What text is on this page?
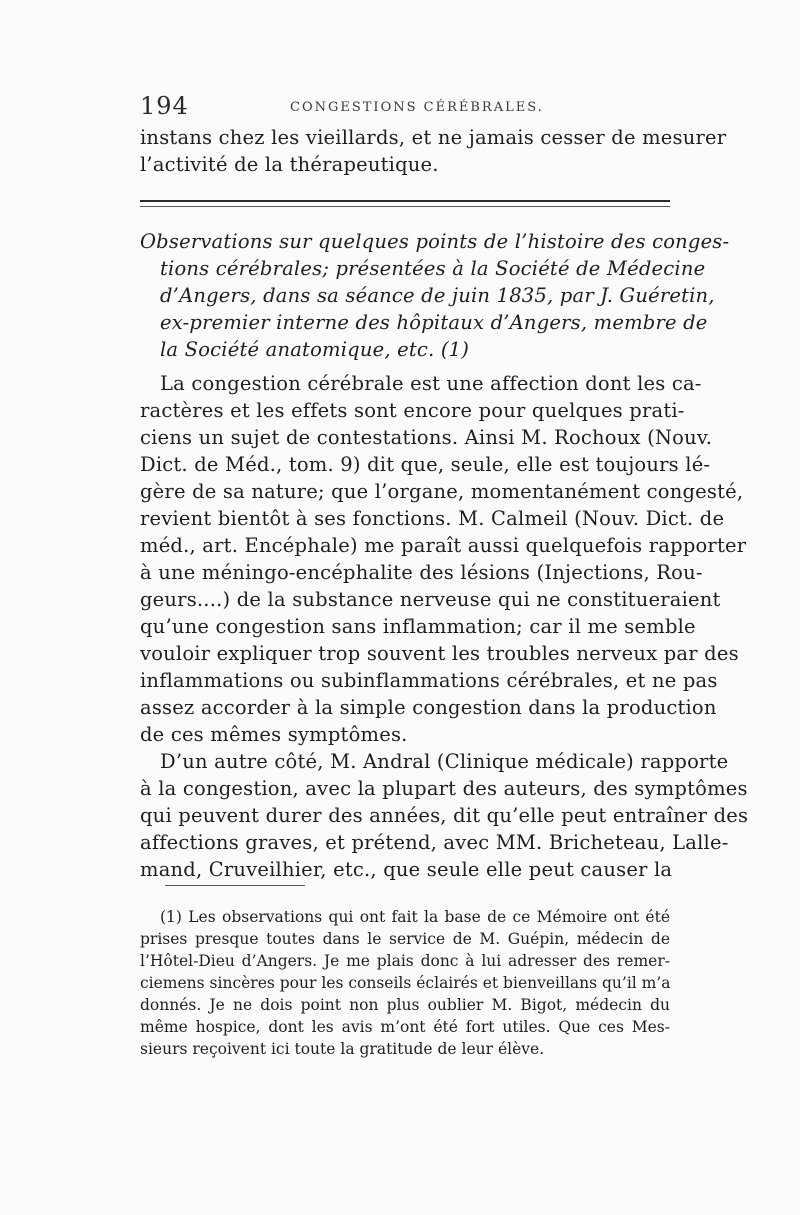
194	CONGESTIONS CÉRÉBRALES.
instans chez les vieillards, et ne jamais cesser de mesurer
l’activité de la thérapeutique.
Observations sur quelques points de l’histoire des conges-
tions cérébrales; présentées à la Société de Médecine
d’Angers, dans sa séance de juin 1835, par J. Guéretin,
ex-premier interne des hôpitaux d’Angers, membre de
la Société anatomique, etc. (1)
La congestion cérébrale est une affection dont les ca-
ractères et les effets sont encore pour quelques prati-
ciens un sujet de contestations. Ainsi M. Rochoux (Nouv.
Dict. de Méd., tom. 9) dit que, seule, elle est toujours lé-
gère de sa nature; que l’organe, momentanément congesté,
revient bientôt à ses fonctions. M. Calmeil (Nouv. Dict. de
méd., art. Encéphale) me paraît aussi quelquefois rapporter
à une méningo-encéphalite des lésions (Injections, Rou-
geurs....) de la substance nerveuse qui ne constitueraient
qu’une congestion sans inflammation; car il me semble
vouloir expliquer trop souvent les troubles nerveux par des
inflammations ou subinflammations cérébrales, et ne pas
assez accorder à la simple congestion dans la production
de ces mêmes symptômes.
D’un autre côté, M. Andral (Clinique médicale) rapporte
à la congestion, avec la plupart des auteurs, des symptômes
qui peuvent durer des années, dit qu’elle peut entraîner des
affections graves, et prétend, avec MM. Bricheteau, Lalle-
mand, Cruveilhier, etc., que seule elle peut causer la
(1) Les observations qui ont fait la base de ce Mémoire ont été
prises presque toutes dans le service de M. Guépin, médecin de
l’Hôtel-Dieu d’Angers. Je me plais donc à lui adresser des remer-
ciemens sincères pour les conseils éclairés et bienveillans qu’il m’a
donnés. Je ne dois point non plus oublier M. Bigot, médecin du
même hospice, dont les avis m’ont été fort utiles. Que ces Mes-
sieurs reçoivent ici toute la gratitude de leur élève.
